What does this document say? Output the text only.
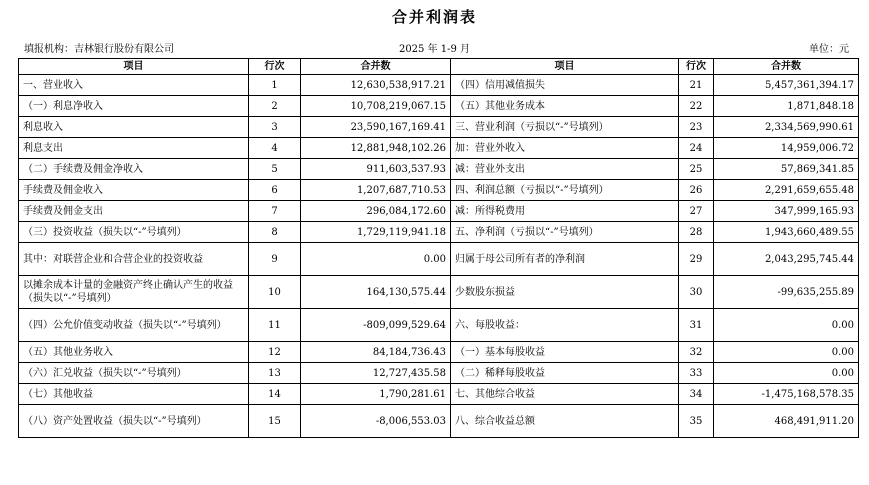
合并利润表
填报机构：吉林银行股份有限公司	2025 年 1-9 月	单位：元
项目	行次	合并数	项目	行次	合并数
一、营业收入	1	12,630,538,917.21	（四）信用减值损失	21	5,457,361,394.17
（一）利息净收入	2	10,708,219,067.15	（五）其他业务成本	22	1,871,848.18
利息收入	3	23,590,167,169.41	三、营业利润（亏损以“-”号填列）	23	2,334,569,990.61
利息支出	4	12,881,948,102.26	加：营业外收入	24	14,959,006.72
（二）手续费及佣金净收入	5	911,603,537.93	减：营业外支出	25	57,869,341.85
手续费及佣金收入	6	1,207,687,710.53	四、利润总额（亏损以“-”号填列）	26	2,291,659,655.48
手续费及佣金支出	7	296,084,172.60	减：所得税费用	27	347,999,165.93
（三）投资收益（损失以“-”号填列）	8	1,729,119,941.18	五、净利润（亏损以“-”号填列）	28	1,943,660,489.55
其中：对联营企业和合营企业的投资收益	9	0.00	归属于母公司所有者的净利润	29	2,043,295,745.44
以摊余成本计量的金融资产终止确认产生的收益（损失以“-”号填列）	10	164,130,575.44	少数股东损益	30	-99,635,255.89
（四）公允价值变动收益（损失以“-”号填列）	11	-809,099,529.64	六、每股收益：	31	0.00
（五）其他业务收入	12	84,184,736.43	（一）基本每股收益	32	0.00
（六）汇兑收益（损失以“-”号填列）	13	12,727,435.58	（二）稀释每股收益	33	0.00
（七）其他收益	14	1,790,281.61	七、其他综合收益	34	-1,475,168,578.35
（八）资产处置收益（损失以“-”号填列）	15	-8,006,553.03	八、综合收益总额	35	468,491,911.20
